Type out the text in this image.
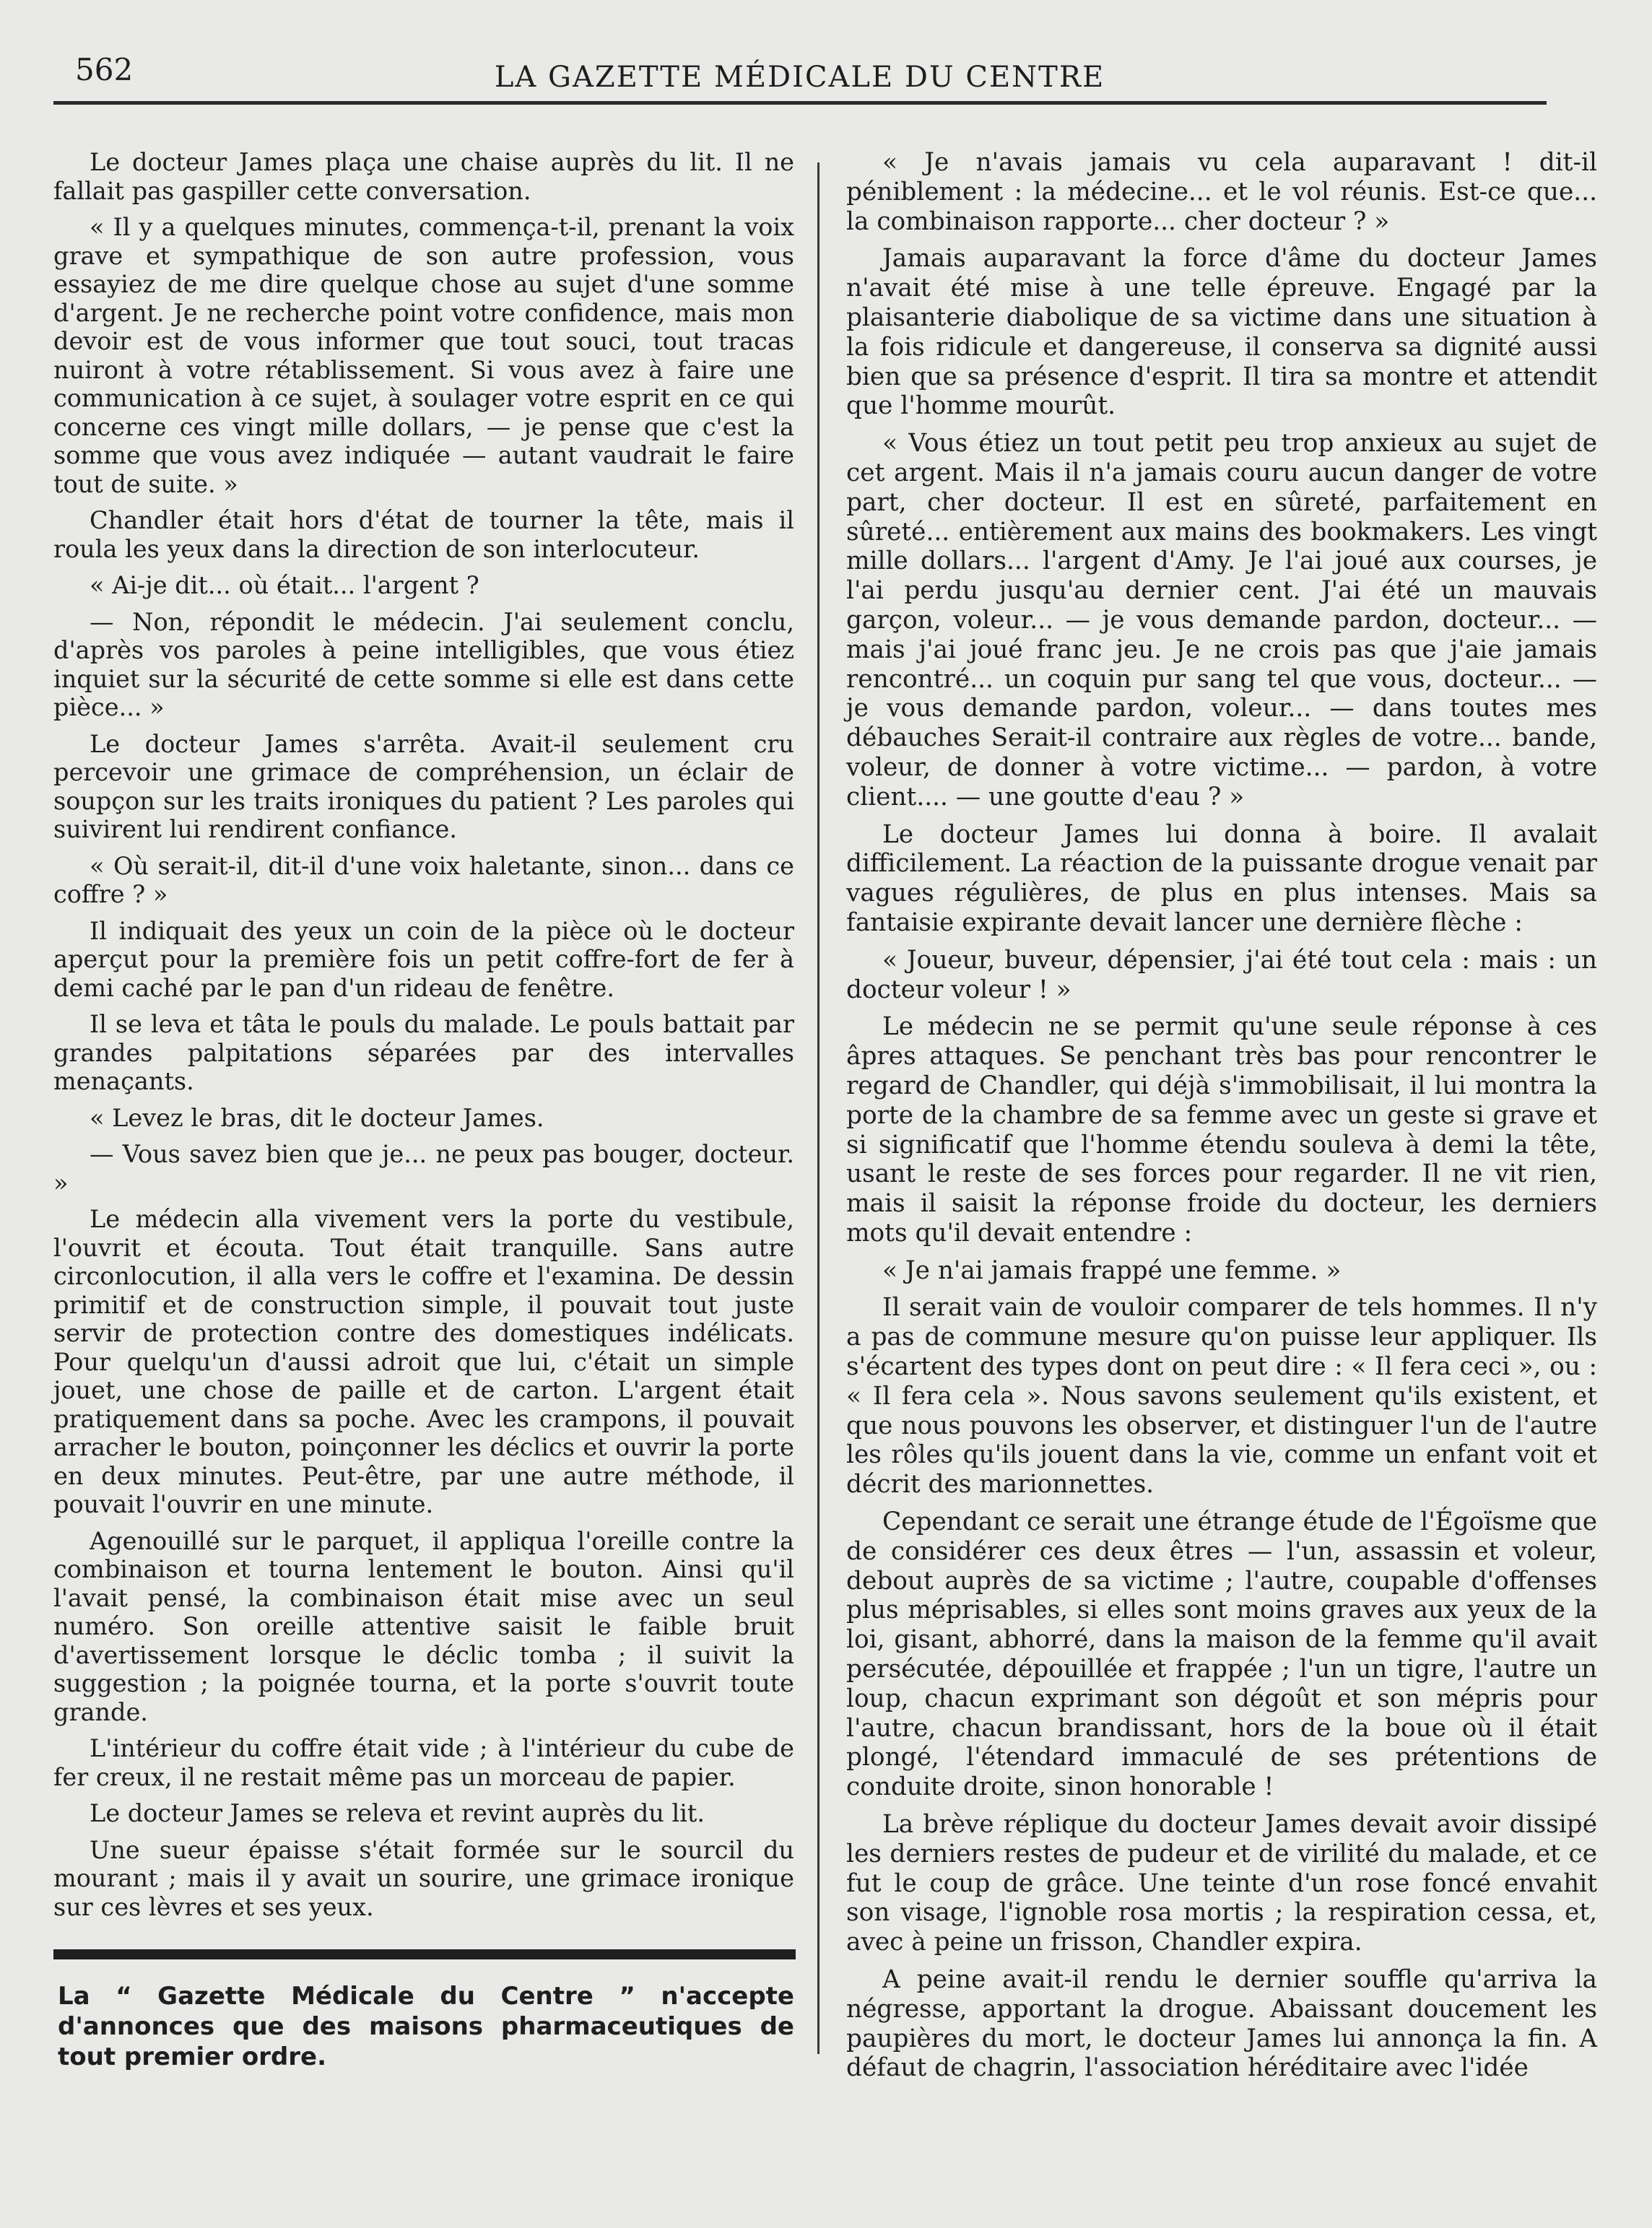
562	LA GAZETTE MÉDICALE DU CENTRE

Le docteur James plaça une chaise auprès du lit. Il ne fallait pas gaspiller cette conversation.

« Il y a quelques minutes, commença-t-il, prenant la voix grave et sympathique de son autre profession, vous essayiez de me dire quelque chose au sujet d'une somme d'argent. Je ne recherche point votre confidence, mais mon devoir est de vous informer que tout souci, tout tracas nuiront à votre rétablissement. Si vous avez à faire une communication à ce sujet, à soulager votre esprit en ce qui concerne ces vingt mille dollars, — je pense que c'est la somme que vous avez indiquée — autant vaudrait le faire tout de suite. »

Chandler était hors d'état de tourner la tête, mais il roula les yeux dans la direction de son interlocuteur.

« Ai-je dit... où était... l'argent ?

— Non, répondit le médecin. J'ai seulement conclu, d'après vos paroles à peine intelligibles, que vous étiez inquiet sur la sécurité de cette somme si elle est dans cette pièce... »

Le docteur James s'arrêta. Avait-il seulement cru percevoir une grimace de compréhension, un éclair de soupçon sur les traits ironiques du patient ? Les paroles qui suivirent lui rendirent confiance.

« Où serait-il, dit-il d'une voix haletante, sinon... dans ce coffre ? »

Il indiquait des yeux un coin de la pièce où le docteur aperçut pour la première fois un petit coffre-fort de fer à demi caché par le pan d'un rideau de fenêtre.

Il se leva et tâta le pouls du malade. Le pouls battait par grandes palpitations séparées par des intervalles menaçants.

« Levez le bras, dit le docteur James.

— Vous savez bien que je... ne peux pas bouger, docteur. »

Le médecin alla vivement vers la porte du vestibule, l'ouvrit et écouta. Tout était tranquille. Sans autre circonlocution, il alla vers le coffre et l'examina. De dessin primitif et de construction simple, il pouvait tout juste servir de protection contre des domestiques indélicats. Pour quelqu'un d'aussi adroit que lui, c'était un simple jouet, une chose de paille et de carton. L'argent était pratiquement dans sa poche. Avec les crampons, il pouvait arracher le bouton, poinçonner les déclics et ouvrir la porte en deux minutes. Peut-être, par une autre méthode, il pouvait l'ouvrir en une minute.

Agenouillé sur le parquet, il appliqua l'oreille contre la combinaison et tourna lentement le bouton. Ainsi qu'il l'avait pensé, la combinaison était mise avec un seul numéro. Son oreille attentive saisit le faible bruit d'avertissement lorsque le déclic tomba ; il suivit la suggestion ; la poignée tourna, et la porte s'ouvrit toute grande.

L'intérieur du coffre était vide ; à l'intérieur du cube de fer creux, il ne restait même pas un morceau de papier.

Le docteur James se releva et revint auprès du lit.

Une sueur épaisse s'était formée sur le sourcil du mourant ; mais il y avait un sourire, une grimace ironique sur ces lèvres et ses yeux.

La “ Gazette Médicale du Centre ” n'accepte d'annonces que des maisons pharmaceutiques de tout premier ordre.

« Je n'avais jamais vu cela auparavant ! dit-il péniblement : la médecine... et le vol réunis. Est-ce que... la combinaison rapporte... cher docteur ? »

Jamais auparavant la force d'âme du docteur James n'avait été mise à une telle épreuve. Engagé par la plaisanterie diabolique de sa victime dans une situation à la fois ridicule et dangereuse, il conserva sa dignité aussi bien que sa présence d'esprit. Il tira sa montre et attendit que l'homme mourût.

« Vous étiez un tout petit peu trop anxieux au sujet de cet argent. Mais il n'a jamais couru aucun danger de votre part, cher docteur. Il est en sûreté, parfaitement en sûreté... entièrement aux mains des bookmakers. Les vingt mille dollars... l'argent d'Amy. Je l'ai joué aux courses, je l'ai perdu jusqu'au dernier cent. J'ai été un mauvais garçon, voleur... — je vous demande pardon, docteur... — mais j'ai joué franc jeu. Je ne crois pas que j'aie jamais rencontré... un coquin pur sang tel que vous, docteur... — je vous demande pardon, voleur... — dans toutes mes débauches Serait-il contraire aux règles de votre... bande, voleur, de donner à votre victime... — pardon, à votre client.... — une goutte d'eau ? »

Le docteur James lui donna à boire. Il avalait difficilement. La réaction de la puissante drogue venait par vagues régulières, de plus en plus intenses. Mais sa fantaisie expirante devait lancer une dernière flèche :

« Joueur, buveur, dépensier, j'ai été tout cela : mais : un docteur voleur ! »

Le médecin ne se permit qu'une seule réponse à ces âpres attaques. Se penchant très bas pour rencontrer le regard de Chandler, qui déjà s'immobilisait, il lui montra la porte de la chambre de sa femme avec un geste si grave et si significatif que l'homme étendu souleva à demi la tête, usant le reste de ses forces pour regarder. Il ne vit rien, mais il saisit la réponse froide du docteur, les derniers mots qu'il devait entendre :

« Je n'ai jamais frappé une femme. »

Il serait vain de vouloir comparer de tels hommes. Il n'y a pas de commune mesure qu'on puisse leur appliquer. Ils s'écartent des types dont on peut dire : « Il fera ceci », ou : « Il fera cela ». Nous savons seulement qu'ils existent, et que nous pouvons les observer, et distinguer l'un de l'autre les rôles qu'ils jouent dans la vie, comme un enfant voit et décrit des marionnettes.

Cependant ce serait une étrange étude de l'Égoïsme que de considérer ces deux êtres — l'un, assassin et voleur, debout auprès de sa victime ; l'autre, coupable d'offenses plus méprisables, si elles sont moins graves aux yeux de la loi, gisant, abhorré, dans la maison de la femme qu'il avait persécutée, dépouillée et frappée ; l'un un tigre, l'autre un loup, chacun exprimant son dégoût et son mépris pour l'autre, chacun brandissant, hors de la boue où il était plongé, l'étendard immaculé de ses prétentions de conduite droite, sinon honorable !

La brève réplique du docteur James devait avoir dissipé les derniers restes de pudeur et de virilité du malade, et ce fut le coup de grâce. Une teinte d'un rose foncé envahit son visage, l'ignoble rosa mortis ; la respiration cessa, et, avec à peine un frisson, Chandler expira.

A peine avait-il rendu le dernier souffle qu'arriva la négresse, apportant la drogue. Abaissant doucement les paupières du mort, le docteur James lui annonça la fin. A défaut de chagrin, l'association héréditaire avec l'idée
